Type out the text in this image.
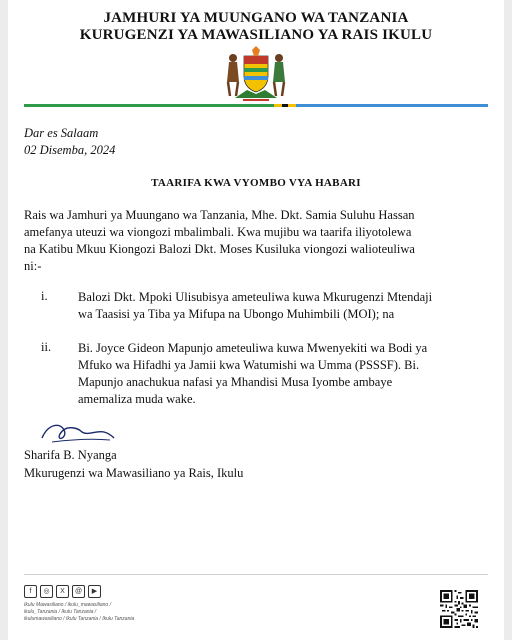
JAMHURI YA MUUNGANO WA TANZANIA
KURUGENZI YA MAWASILIANO YA RAIS IKULU
Dar es Salaam
02 Disemba, 2024
TAARIFA KWA VYOMBO VYA HABARI
Rais wa Jamhuri ya Muungano wa Tanzania, Mhe. Dkt. Samia Suluhu Hassan
amefanya uteuzi wa viongozi mbalimbali. Kwa mujibu wa taarifa iliyotolewa
na Katibu Mkuu Kiongozi Balozi Dkt. Moses Kusiluka viongozi walioteuliwa
ni:-
i. Balozi Dkt. Mpoki Ulisubisya ameteuliwa kuwa Mkurugenzi Mtendaji
wa Taasisi ya Tiba ya Mifupa na Ubongo Muhimbili (MOI); na
ii. Bi. Joyce Gideon Mapunjo ameteuliwa kuwa Mwenyekiti wa Bodi ya
Mfuko wa Hifadhi ya Jamii kwa Watumishi wa Umma (PSSSF). Bi.
Mapunjo anachukua nafasi ya Mhandisi Musa Iyombe ambaye
amemaliza muda wake.
Sharifa B. Nyanga
Mkurugenzi wa Mawasiliano ya Rais, Ikulu
f	◎	X	@	▶
Ikulu Mawasiliano / ikulu_mawasiliano /
ikulu_Tanzania / Ikulu Tanzania /
ikulumawasiliano / Ikulu Tanzania / Ikulu Tanzania
